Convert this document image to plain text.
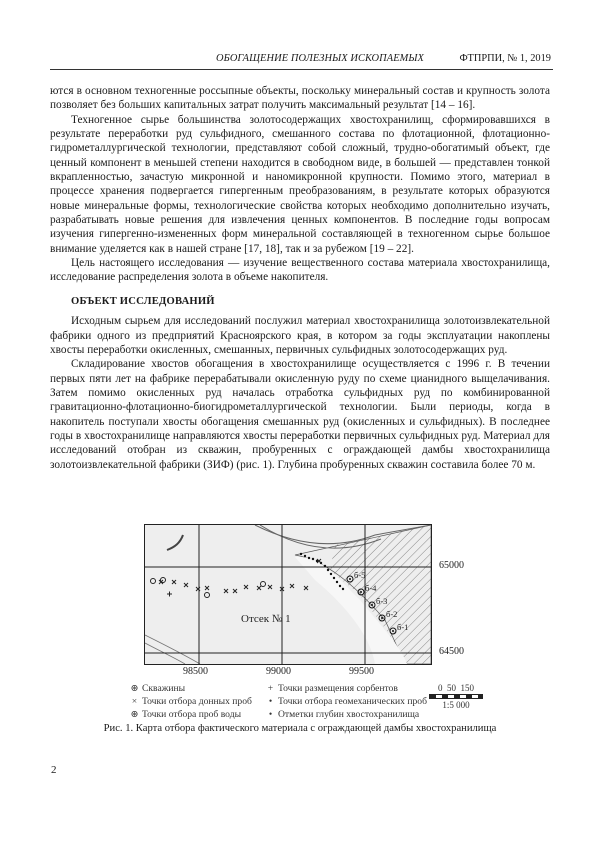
ОБОГАЩЕНИЕ ПОЛЕЗНЫХ ИСКОПАЕМЫХ	ФТПРПИ, № 1, 2019

ются в основном техногенные россыпные объекты, поскольку минеральный состав и крупность золота позволяет без больших капитальных затрат получить максимальный результат [14 – 16].

Техногенное сырье большинства золотосодержащих хвостохранилищ, сформировавшихся в результате переработки руд сульфидного, смешанного состава по флотационной, флотационно-гидрометаллургической технологии, представляют собой сложный, трудно-обогатимый объект, где ценный компонент в меньшей степени находится в свободном виде, в большей — представлен тонкой вкрапленностью, зачастую микронной и наномикронной крупности. Помимо этого, материал в процессе хранения подвергается гипергенным преобразованиям, в результате которых образуются новые минеральные формы, технологические свойства которых необходимо дополнительно изучать, разрабатывать новые решения для извлечения ценных компонентов. В последние годы вопросам изучения гипергенно-измененных форм минеральной составляющей в техногенном сырье большое внимание уделяется как в нашей стране [17, 18], так и за рубежом [19 – 22].

Цель настоящего исследования — изучение вещественного состава материала хвостохранилища, исследование распределения золота в объеме накопителя.

ОБЪЕКТ ИССЛЕДОВАНИЙ

Исходным сырьем для исследований послужил материал хвостохранилища золотоизвлекательной фабрики одного из предприятий Красноярского края, в котором за годы эксплуатации накоплены хвосты переработки окисленных, смешанных, первичных сульфидных золотосодержащих руд.

Складирование хвостов обогащения в хвостохранилище осуществляется с 1996 г. В течении первых пяти лет на фабрике перерабатывали окисленную руду по схеме цианидного выщелачивания. Затем помимо окисленных руд началась отработка сульфидных руд по комбинированной гравитационно-флотационно-биогидрометаллургической технологии. Были периоды, когда в накопитель поступали хвосты обогащения смешанных руд (окисленных и сульфидных). В последнее годы в хвостохранилище направляются хвосты переработки первичных сульфидных руд. Материал для исследований отобран из скважин, пробуренных с ограждающей дамбы хвостохранилища золотоизвлекательной фабрики (ЗИФ) (рис. 1). Глубина пробуренных скважин составила более 70 м.

б-5
б-4
б-3
б-2
б-1
Отсек № 1
98500	99000	99500
65000
64500
⊛ Скважины
× Точки отбора донных проб
⊛ Точки отбора проб воды
+ Точки размещения сорбентов
• Точки отбора геомеханических проб
• Отметки глубин хвостохранилища
0  50  150
1:5 000
Рис. 1. Карта отбора фактического материала с ограждающей дамбы хвостохранилища
2
